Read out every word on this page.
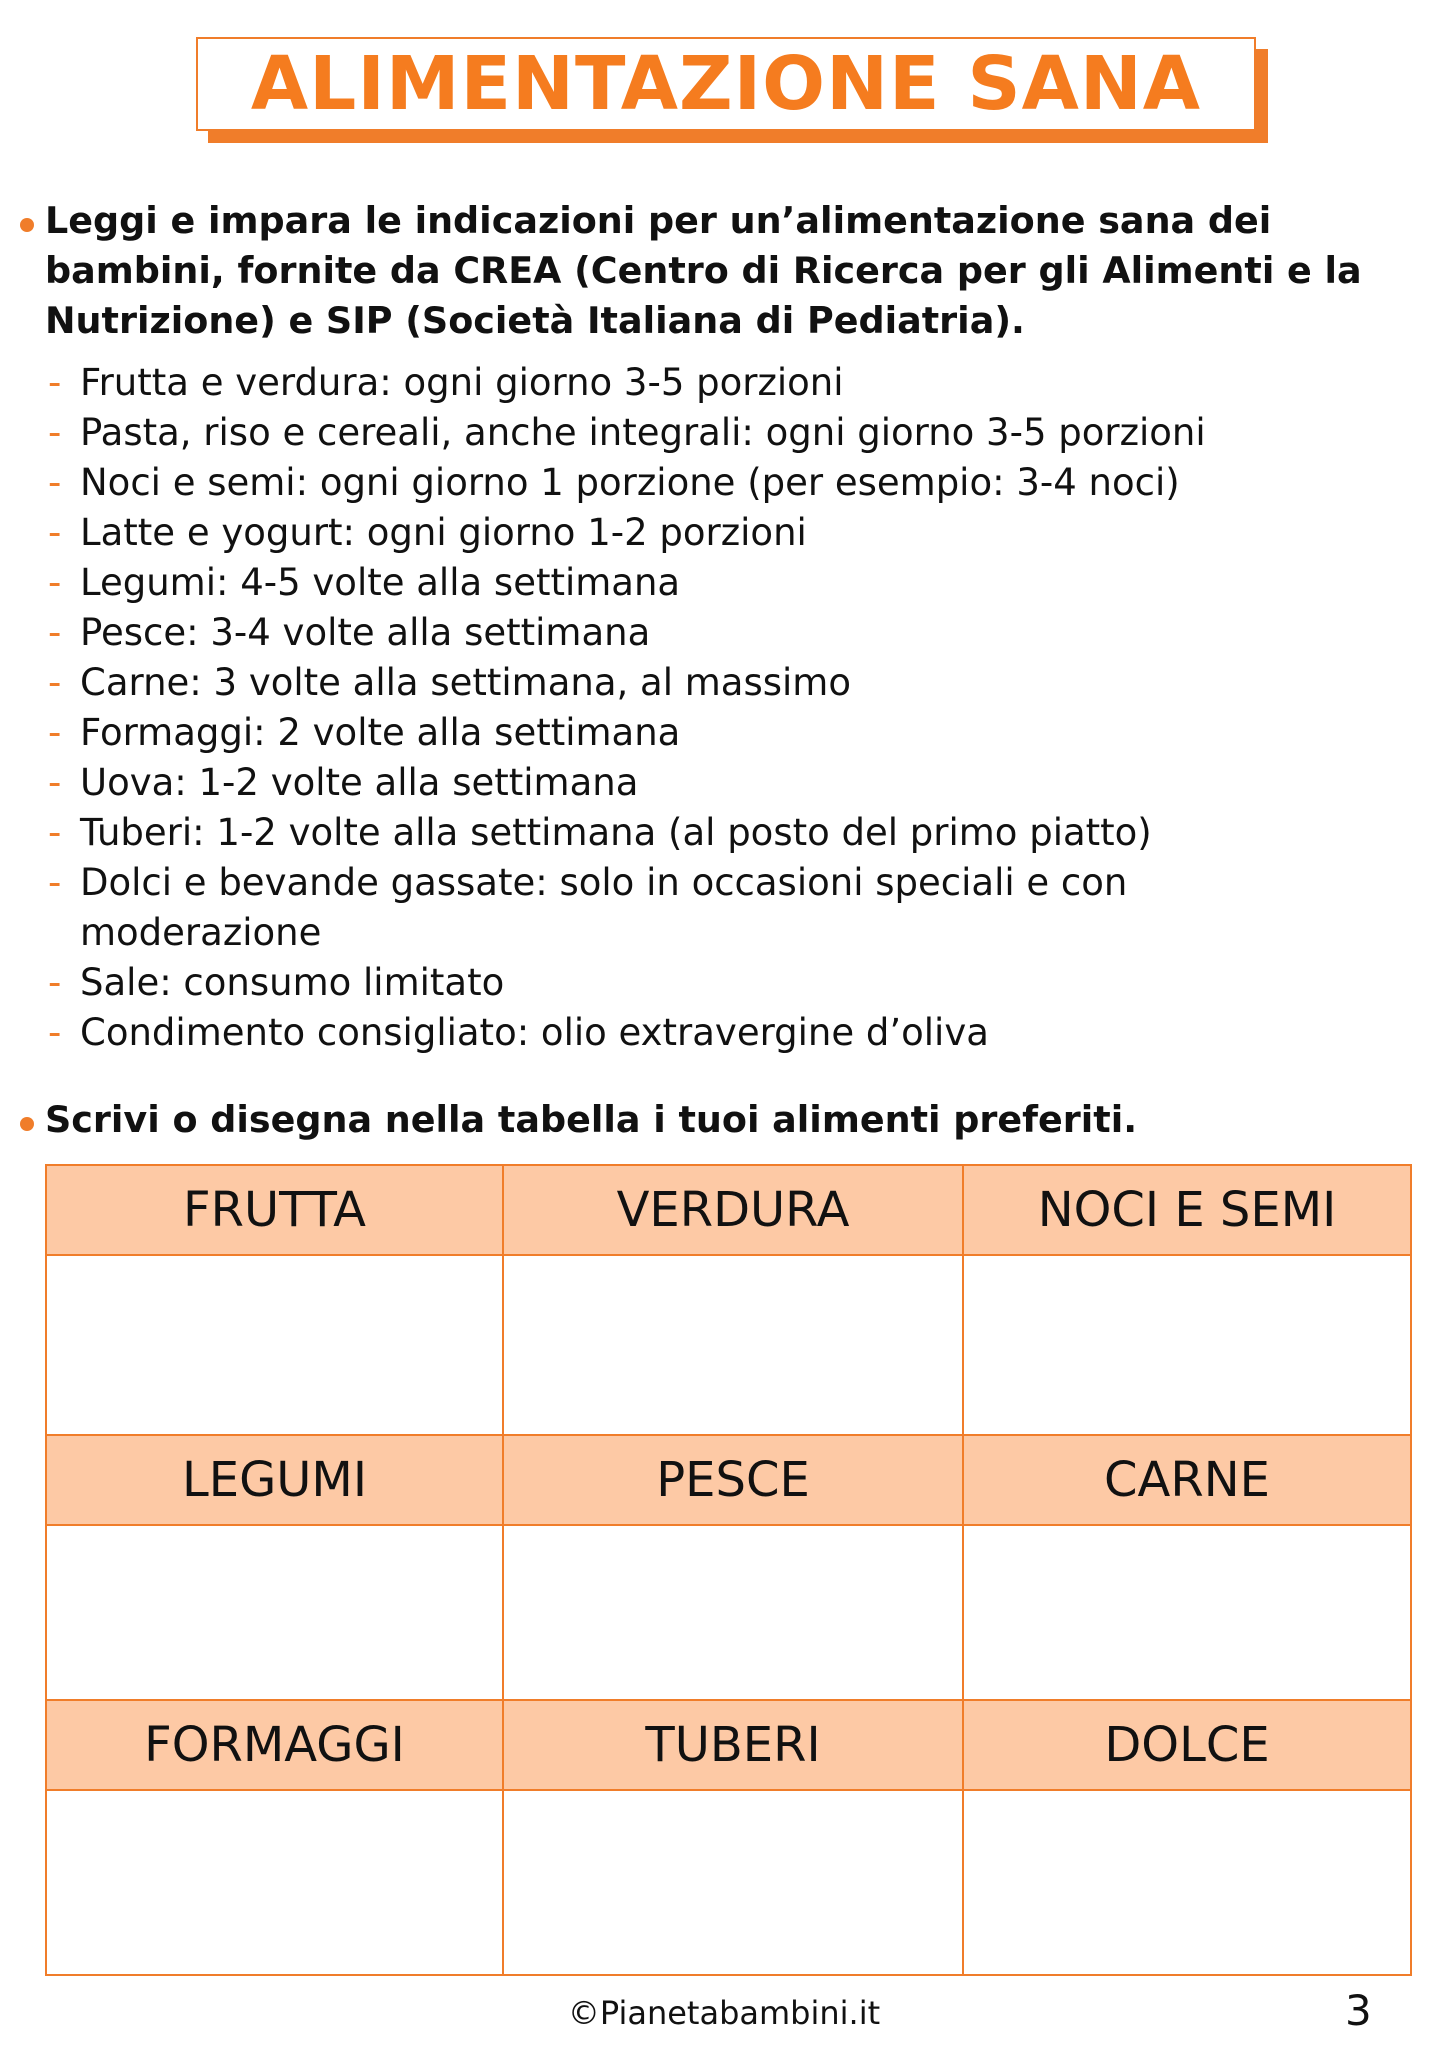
ALIMENTAZIONE SANA
Leggi e impara le indicazioni per un’alimentazione sana dei
bambini, fornite da CREA (Centro di Ricerca per gli Alimenti e la
Nutrizione) e SIP (Società Italiana di Pediatria).
- Frutta e verdura: ogni giorno 3-5 porzioni
- Pasta, riso e cereali, anche integrali: ogni giorno 3-5 porzioni
- Noci e semi: ogni giorno 1 porzione (per esempio: 3-4 noci)
- Latte e yogurt: ogni giorno 1-2 porzioni
- Legumi: 4-5 volte alla settimana
- Pesce: 3-4 volte alla settimana
- Carne: 3 volte alla settimana, al massimo
- Formaggi: 2 volte alla settimana
- Uova: 1-2 volte alla settimana
- Tuberi: 1-2 volte alla settimana (al posto del primo piatto)
- Dolci e bevande gassate: solo in occasioni speciali e con
moderazione
- Sale: consumo limitato
- Condimento consigliato: olio extravergine d’oliva
Scrivi o disegna nella tabella i tuoi alimenti preferiti.
FRUTTA	VERDURA	NOCI E SEMI
LEGUMI	PESCE	CARNE
FORMAGGI	TUBERI	DOLCE
©Pianetabambini.it	3
